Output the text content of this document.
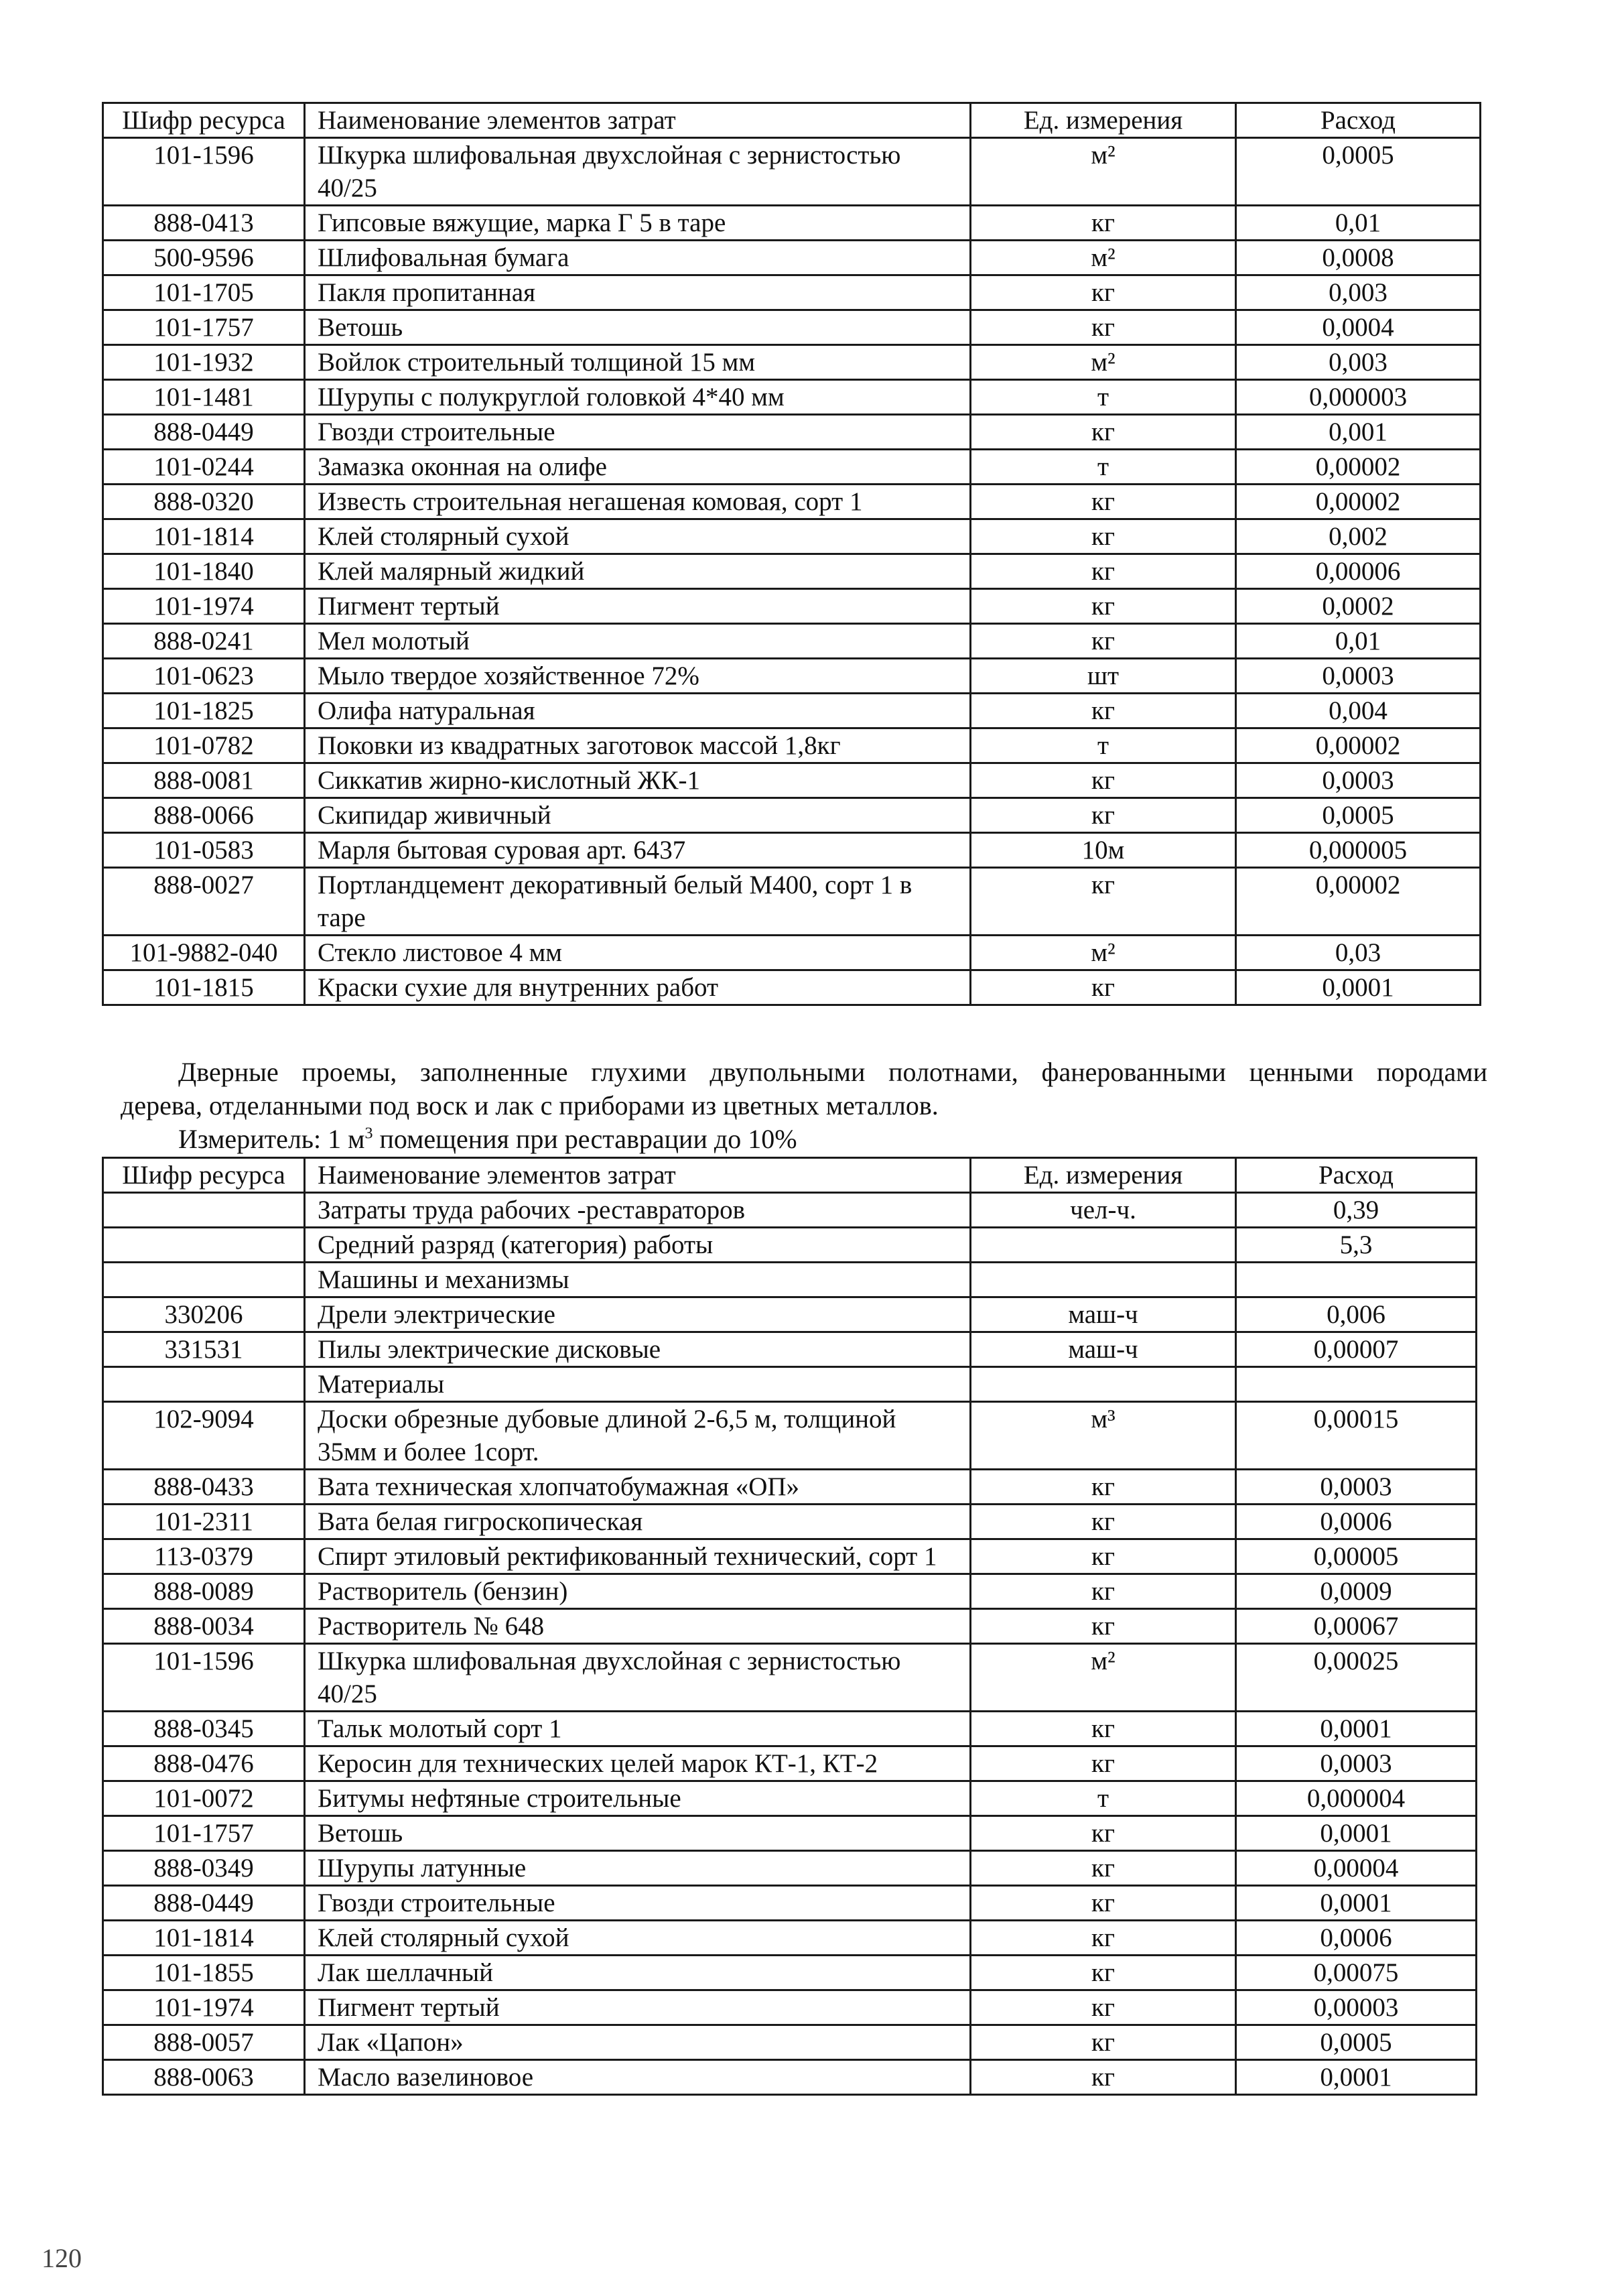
Шифр ресурса	Наименование элементов затрат	Ед. измерения	Расход
101-1596	Шкурка шлифовальная двухслойная с зернистостью 40/25	м²	0,0005
888-0413	Гипсовые вяжущие, марка Г 5 в таре	кг	0,01
500-9596	Шлифовальная бумага	м²	0,0008
101-1705	Пакля пропитанная	кг	0,003
101-1757	Ветошь	кг	0,0004
101-1932	Войлок строительный толщиной 15 мм	м²	0,003
101-1481	Шурупы с полукруглой головкой 4*40 мм	т	0,000003
888-0449	Гвозди строительные	кг	0,001
101-0244	Замазка оконная на олифе	т	0,00002
888-0320	Известь строительная негашеная комовая, сорт 1	кг	0,00002
101-1814	Клей столярный сухой	кг	0,002
101-1840	Клей малярный жидкий	кг	0,00006
101-1974	Пигмент тертый	кг	0,0002
888-0241	Мел молотый	кг	0,01
101-0623	Мыло твердое хозяйственное 72%	шт	0,0003
101-1825	Олифа натуральная	кг	0,004
101-0782	Поковки из квадратных заготовок массой 1,8кг	т	0,00002
888-0081	Сиккатив жирно-кислотный ЖК-1	кг	0,0003
888-0066	Скипидар живичный	кг	0,0005
101-0583	Марля бытовая суровая арт. 6437	10м	0,000005
888-0027	Портландцемент декоративный белый М400, сорт 1 в таре	кг	0,00002
101-9882-040	Стекло листовое 4 мм	м²	0,03
101-1815	Краски сухие для внутренних работ	кг	0,0001

Дверные проемы, заполненные глухими двупольными полотнами, фанерованными ценными породами

дерева, отделанными под воск и лак с приборами из цветных металлов.

Измеритель: 1 $м^3$ помещения при реставрации до 10%

Шифр ресурса	Наименование элементов затрат	Ед. измерения	Расход
	Затраты труда рабочих -реставраторов	чел-ч.	0,39
	Средний разряд (категория) работы		5,3
	Машины и механизмы		
330206	Дрели электрические	маш-ч	0,006
331531	Пилы электрические дисковые	маш-ч	0,00007
	Материалы		
102-9094	Доски обрезные дубовые длиной 2-6,5 м, толщиной 35мм и более 1сорт.	м³	0,00015
888-0433	Вата техническая хлопчатобумажная «ОП»	кг	0,0003
101-2311	Вата белая гигроскопическая	кг	0,0006
113-0379	Спирт этиловый ректификованный технический, сорт 1	кг	0,00005
888-0089	Растворитель (бензин)	кг	0,0009
888-0034	Растворитель № 648	кг	0,00067
101-1596	Шкурка шлифовальная двухслойная с зернистостью 40/25	м²	0,00025
888-0345	Тальк молотый сорт 1	кг	0,0001
888-0476	Керосин для технических целей марок КТ-1, КТ-2	кг	0,0003
101-0072	Битумы нефтяные строительные	т	0,000004
101-1757	Ветошь	кг	0,0001
888-0349	Шурупы латунные	кг	0,00004
888-0449	Гвозди строительные	кг	0,0001
101-1814	Клей столярный сухой	кг	0,0006
101-1855	Лак шеллачный	кг	0,00075
101-1974	Пигмент тертый	кг	0,00003
888-0057	Лак «Цапон»	кг	0,0005
888-0063	Масло вазелиновое	кг	0,0001
120
